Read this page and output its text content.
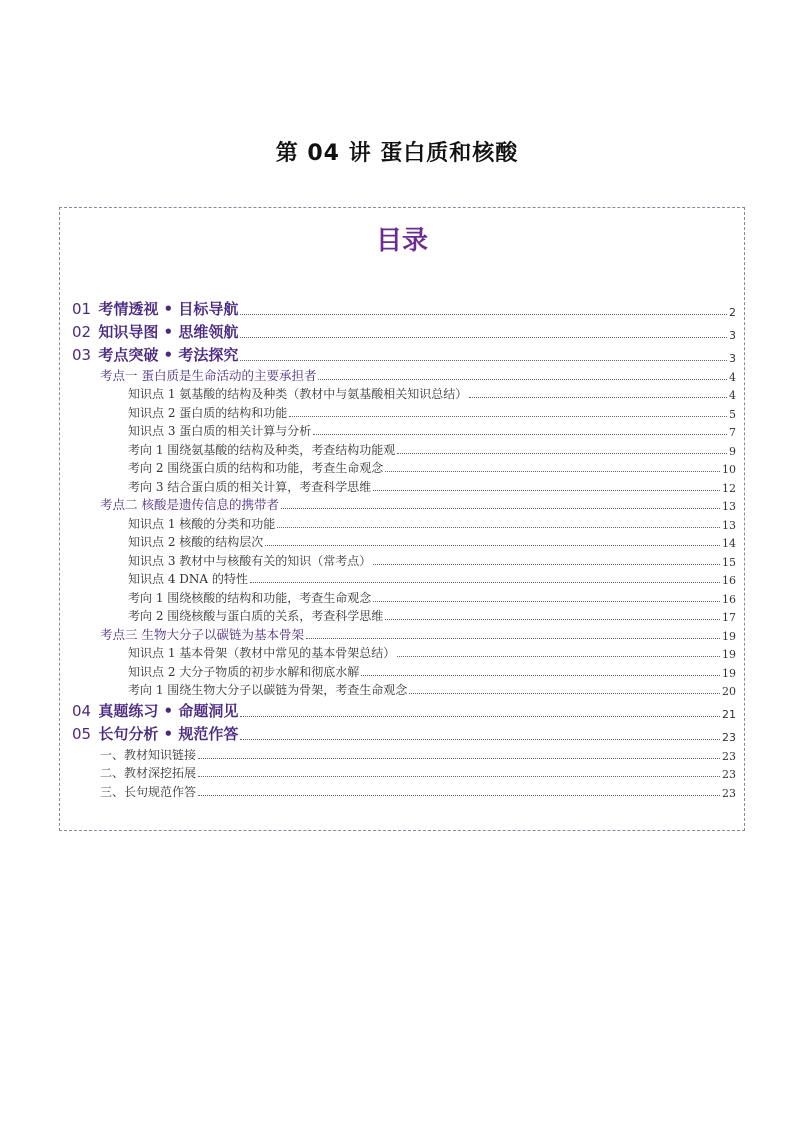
第 04 讲 蛋白质和核酸
目录
01 考情透视 • 目标导航	2
02 知识导图 • 思维领航	3
03 考点突破 • 考法探究	3
考点一 蛋白质是生命活动的主要承担者	4
知识点 1 氨基酸的结构及种类（教材中与氨基酸相关知识总结）	4
知识点 2 蛋白质的结构和功能	5
知识点 3 蛋白质的相关计算与分析	7
考向 1 围绕氨基酸的结构及种类，考查结构功能观	9
考向 2 围绕蛋白质的结构和功能，考查生命观念	10
考向 3 结合蛋白质的相关计算，考查科学思维	12
考点二 核酸是遗传信息的携带者	13
知识点 1 核酸的分类和功能	13
知识点 2 核酸的结构层次	14
知识点 3 教材中与核酸有关的知识（常考点）	15
知识点 4 DNA 的特性	16
考向 1 围绕核酸的结构和功能，考查生命观念	16
考向 2 围绕核酸与蛋白质的关系，考查科学思维	17
考点三 生物大分子以碳链为基本骨架	19
知识点 1 基本骨架（教材中常见的基本骨架总结）	19
知识点 2 大分子物质的初步水解和彻底水解	19
考向 1 围绕生物大分子以碳链为骨架，考查生命观念	20
04 真题练习 • 命题洞见	21
05 长句分析 • 规范作答	23
一、教材知识链接	23
二、教材深挖拓展	23
三、长句规范作答	23
